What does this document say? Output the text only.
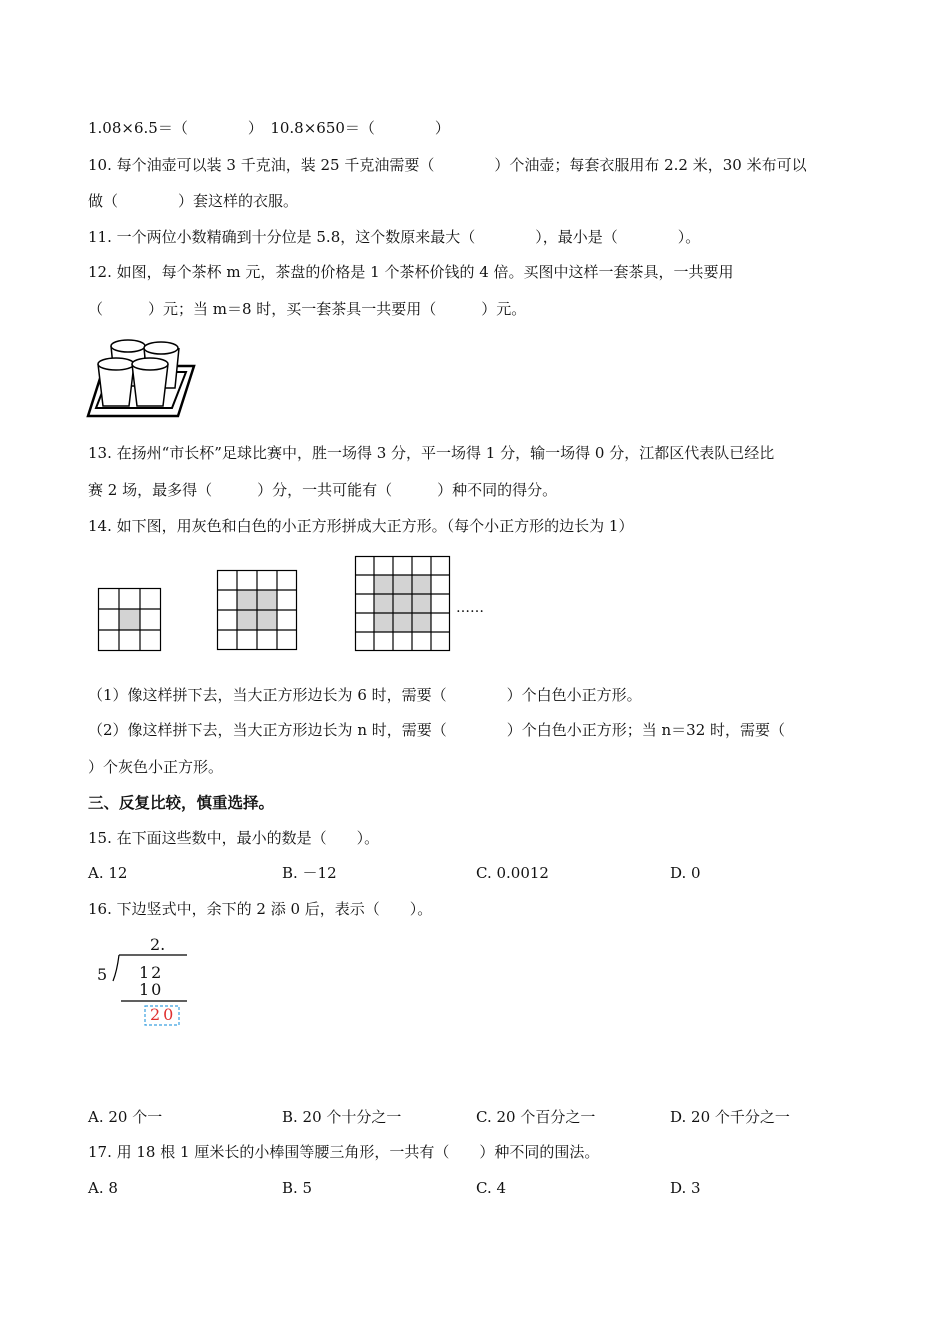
1.08×6.5＝（　　　　）　10.8×650＝（　　　　）
10. 每个油壶可以装 3 千克油，装 25 千克油需要（　　　　）个油壶；每套衣服用布 2.2 米，30 米布可以
做（　　　　）套这样的衣服。
11. 一个两位小数精确到十分位是 5.8，这个数原来最大（　　　　），最小是（　　　　）。
12. 如图，每个茶杯 m 元，茶盘的价格是 1 个茶杯价钱的 4 倍。买图中这样一套茶具，一共要用
（　　　）元；当 m＝8 时，买一套茶具一共要用（　　　）元。
13. 在扬州“市长杯”足球比赛中，胜一场得 3 分，平一场得 1 分，输一场得 0 分，江都区代表队已经比
赛 2 场，最多得（　　　）分，一共可能有（　　　）种不同的得分。
14. 如下图，用灰色和白色的小正方形拼成大正方形。（每个小正方形的边长为 1）
……
（1）像这样拼下去，当大正方形边长为 6 时，需要（　　　　）个白色小正方形。
（2）像这样拼下去，当大正方形边长为 n 时，需要（　　　　）个白色小正方形；当 n＝32 时，需要（
）个灰色小正方形。
三、反复比较，慎重选择。
15. 在下面这些数中，最小的数是（　　）。
A. 12	B. －12	C. 0.0012	D. 0
16. 下边竖式中，余下的 2 添 0 后，表示（　　）。
2.
5 12
10
20
A. 20 个一	B. 20 个十分之一	C. 20 个百分之一	D. 20 个千分之一
17. 用 18 根 1 厘米长的小棒围等腰三角形，一共有（　　）种不同的围法。
A. 8	B. 5	C. 4	D. 3
